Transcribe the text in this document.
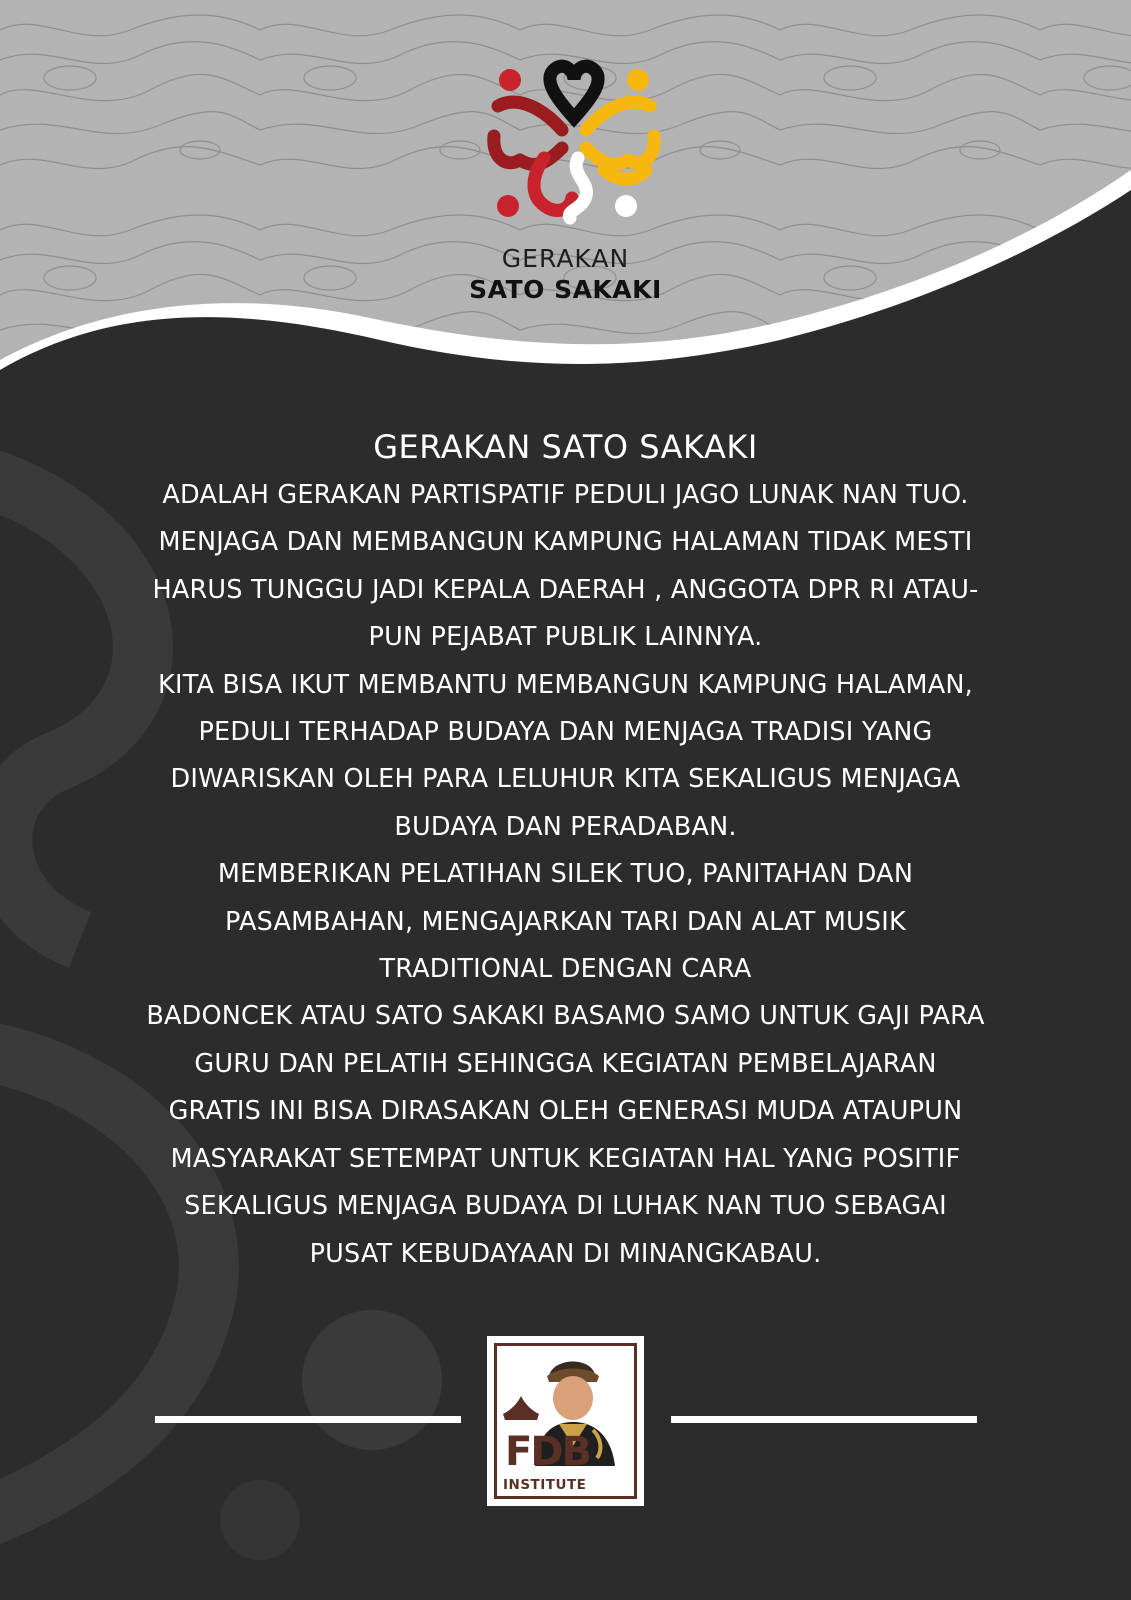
GERAKAN
SATO SAKAKI
GERAKAN SATO SAKAKI
ADALAH GERAKAN PARTISPATIF PEDULI JAGO LUNAK NAN TUO.
MENJAGA DAN MEMBANGUN KAMPUNG HALAMAN TIDAK MESTI
HARUS TUNGGU JADI KEPALA DAERAH , ANGGOTA DPR RI ATAU-
PUN PEJABAT PUBLIK LAINNYA.
KITA BISA IKUT MEMBANTU MEMBANGUN KAMPUNG HALAMAN,
PEDULI TERHADAP BUDAYA DAN MENJAGA TRADISI YANG
DIWARISKAN OLEH PARA LELUHUR KITA SEKALIGUS MENJAGA
BUDAYA DAN PERADABAN.
MEMBERIKAN PELATIHAN SILEK TUO, PANITAHAN DAN
PASAMBAHAN, MENGAJARKAN TARI DAN ALAT MUSIK
TRADITIONAL DENGAN CARA
BADONCEK ATAU SATO SAKAKI BASAMO SAMO UNTUK GAJI PARA
GURU DAN PELATIH SEHINGGA KEGIATAN PEMBELAJARAN
GRATIS INI BISA DIRASAKAN OLEH GENERASI MUDA ATAUPUN
MASYARAKAT SETEMPAT UNTUK KEGIATAN HAL YANG POSITIF
SEKALIGUS MENJAGA BUDAYA DI LUHAK NAN TUO SEBAGAI
PUSAT KEBUDAYAAN DI MINANGKABAU.
FDB
INSTITUTE
